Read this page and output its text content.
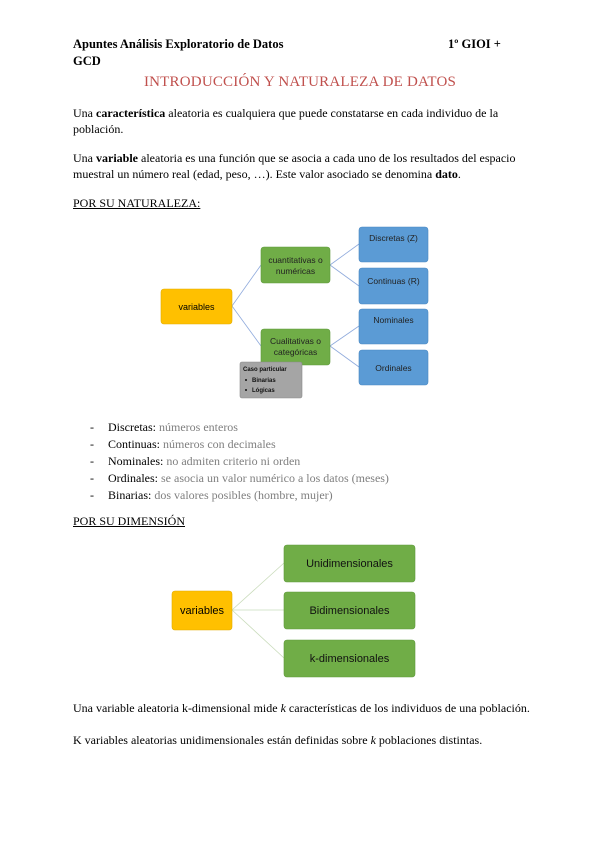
Apuntes Análisis Exploratorio de Datos	1º GIOI +
GCD
INTRODUCCIÓN Y NATURALEZA DE DATOS
Una característica aleatoria es cualquiera que puede constatarse en cada individuo de la población.
Una variable aleatoria es una función que se asocia a cada uno de los resultados del espacio muestral un número real (edad, peso, …). Este valor asociado se denomina dato.
POR SU NATURALEZA:
variables
cuantitativas o
numéricas
Cualitativas o
categóricas
Discretas (Z)
Continuas (R)
Nominales
Ordinales
Caso particular
Binarias
Lógicas
- Discretas: números enteros
- Continuas: números con decimales
- Nominales: no admiten criterio ni orden
- Ordinales: se asocia un valor numérico a los datos (meses)
- Binarias: dos valores posibles (hombre, mujer)
POR SU DIMENSIÓN
variables
Unidimensionales
Bidimensionales
k-dimensionales
Una variable aleatoria k-dimensional mide k características de los individuos de una población.
K variables aleatorias unidimensionales están definidas sobre k poblaciones distintas.
